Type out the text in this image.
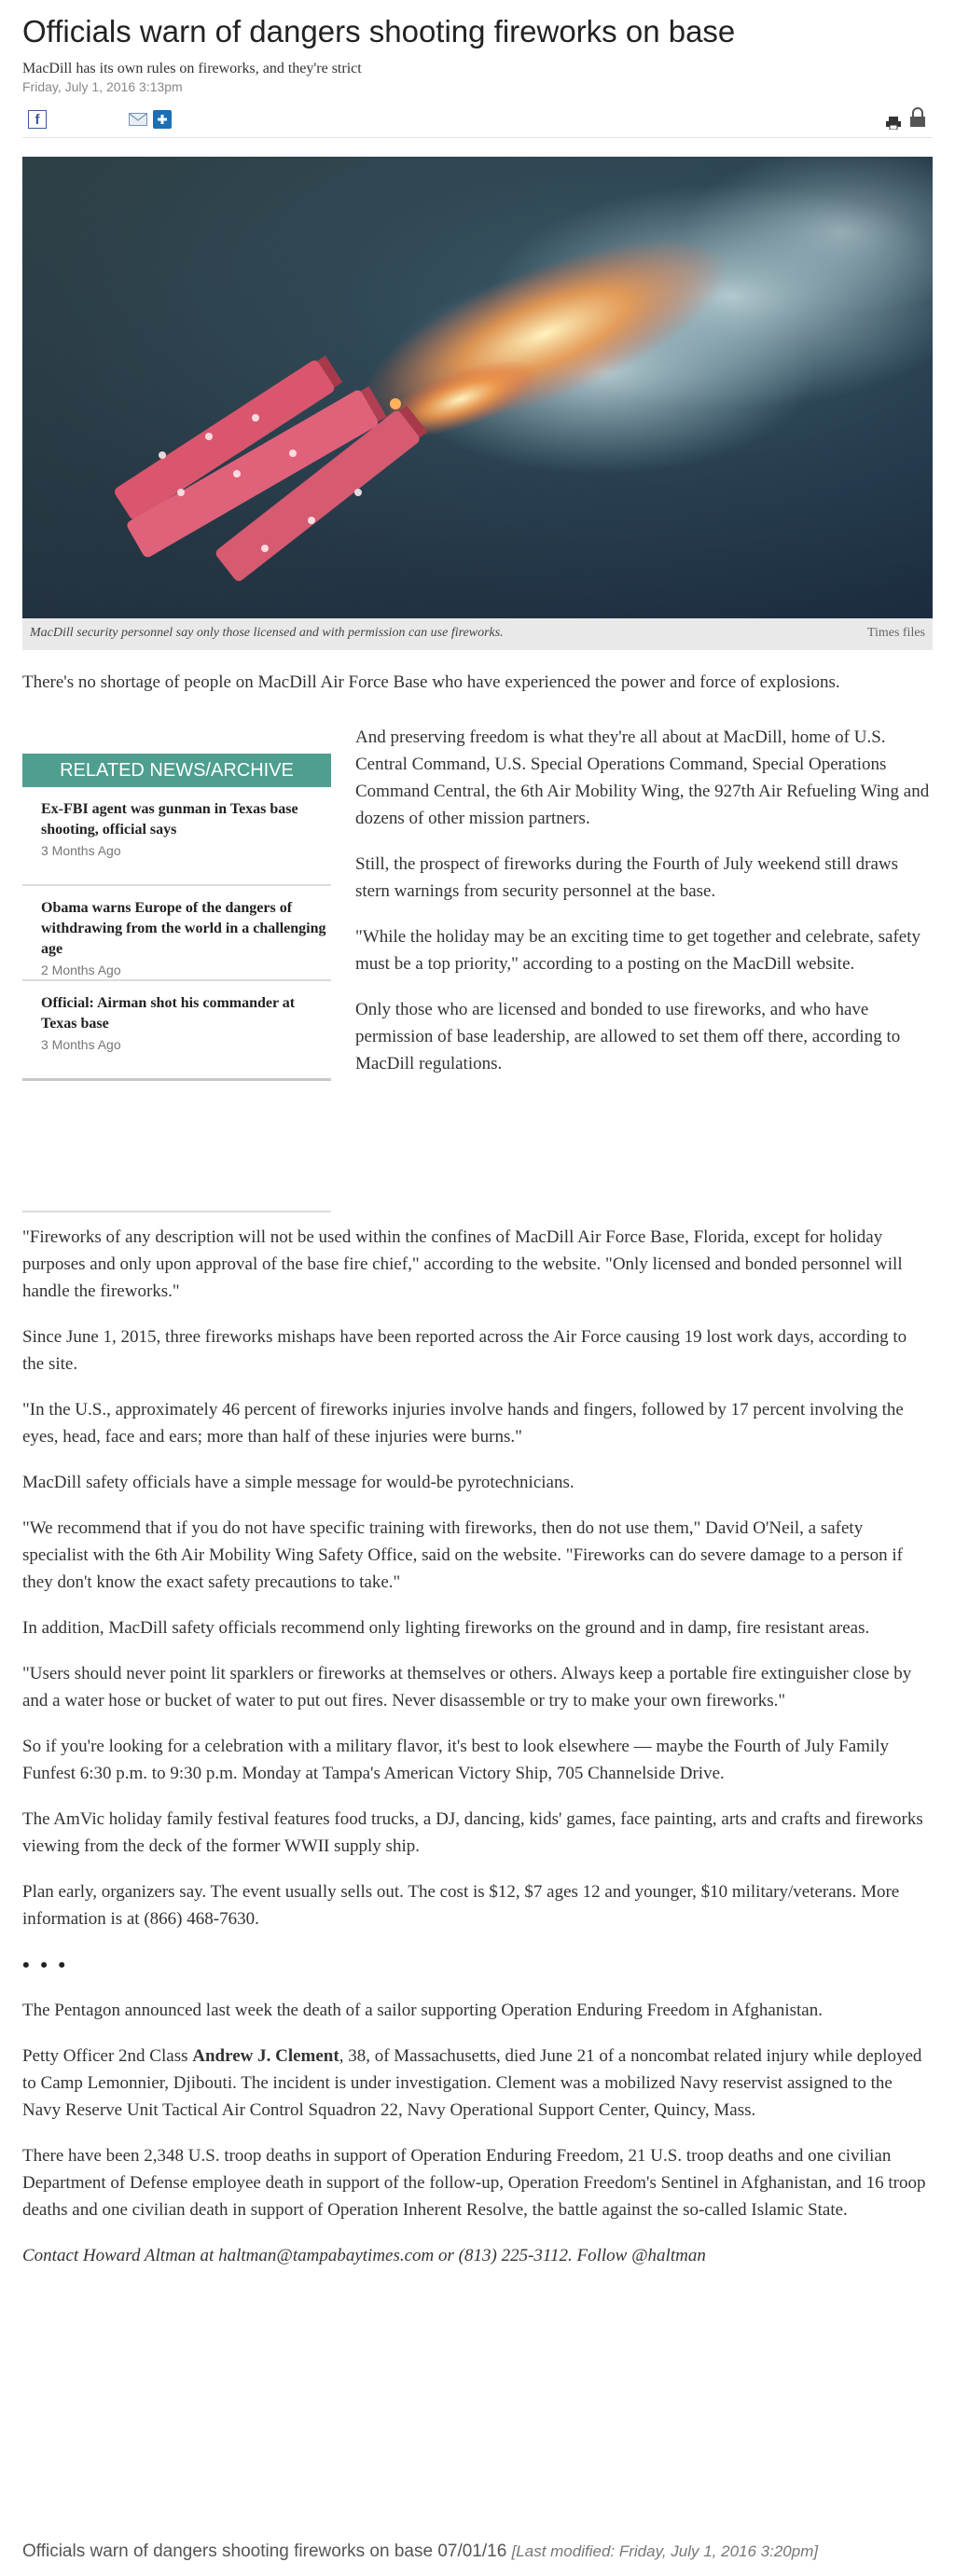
Officials warn of dangers shooting fireworks on base
MacDill has its own rules on fireworks, and they're strict
Friday, July 1, 2016 3:13pm
f
MacDill security personnel say only those licensed and with permission can use fireworks.	Times files

There's no shortage of people on MacDill Air Force Base who have experienced the power and force of explosions.

RELATED NEWS/ARCHIVE
Ex-FBI agent was gunman in Texas base shooting, official says
3 Months Ago
Obama warns Europe of the dangers of withdrawing from the world in a challenging age
2 Months Ago
Official: Airman shot his commander at Texas base
3 Months Ago

And preserving freedom is what they're all about at MacDill, home of U.S. Central Command, U.S. Special Operations Command, Special Operations Command Central, the 6th Air Mobility Wing, the 927th Air Refueling Wing and dozens of other mission partners.

Still, the prospect of fireworks during the Fourth of July weekend still draws stern warnings from security personnel at the base.

"While the holiday may be an exciting time to get together and celebrate, safety must be a top priority," according to a posting on the MacDill website.

Only those who are licensed and bonded to use fireworks, and who have permission of base leadership, are allowed to set them off there, according to MacDill regulations.

"Fireworks of any description will not be used within the confines of MacDill Air Force Base, Florida, except for holiday purposes and only upon approval of the base fire chief," according to the website. "Only licensed and bonded personnel will handle the fireworks."

Since June 1, 2015, three fireworks mishaps have been reported across the Air Force causing 19 lost work days, according to the site.

"In the U.S., approximately 46 percent of fireworks injuries involve hands and fingers, followed by 17 percent involving the eyes, head, face and ears; more than half of these injuries were burns."

MacDill safety officials have a simple message for would-be pyrotechnicians.

"We recommend that if you do not have specific training with fireworks, then do not use them," David O'Neil, a safety specialist with the 6th Air Mobility Wing Safety Office, said on the website. "Fireworks can do severe damage to a person if they don't know the exact safety precautions to take."

In addition, MacDill safety officials recommend only lighting fireworks on the ground and in damp, fire resistant areas.

"Users should never point lit sparklers or fireworks at themselves or others. Always keep a portable fire extinguisher close by and a water hose or bucket of water to put out fires. Never disassemble or try to make your own fireworks."

So if you're looking for a celebration with a military flavor, it's best to look elsewhere — maybe the Fourth of July Family Funfest 6:30 p.m. to 9:30 p.m. Monday at Tampa's American Victory Ship, 705 Channelside Drive.

The AmVic holiday family festival features food trucks, a DJ, dancing, kids' games, face painting, arts and crafts and fireworks viewing from the deck of the former WWII supply ship.

Plan early, organizers say. The event usually sells out. The cost is $12, $7 ages 12 and younger, $10 military/veterans. More information is at (866) 468-7630.

• • •

The Pentagon announced last week the death of a sailor supporting Operation Enduring Freedom in Afghanistan.

Petty Officer 2nd Class Andrew J. Clement, 38, of Massachusetts, died June 21 of a noncombat related injury while deployed to Camp Lemonnier, Djibouti. The incident is under investigation. Clement was a mobilized Navy reservist assigned to the Navy Reserve Unit Tactical Air Control Squadron 22, Navy Operational Support Center, Quincy, Mass.

There have been 2,348 U.S. troop deaths in support of Operation Enduring Freedom, 21 U.S. troop deaths and one civilian Department of Defense employee death in support of the follow-up, Operation Freedom's Sentinel in Afghanistan, and 16 troop deaths and one civilian death in support of Operation Inherent Resolve, the battle against the so-called Islamic State.

Contact Howard Altman at haltman@tampabaytimes.com or (813) 225-3112. Follow @haltman

Officials warn of dangers shooting fireworks on base 07/01/16 [Last modified: Friday, July 1, 2016 3:20pm]
